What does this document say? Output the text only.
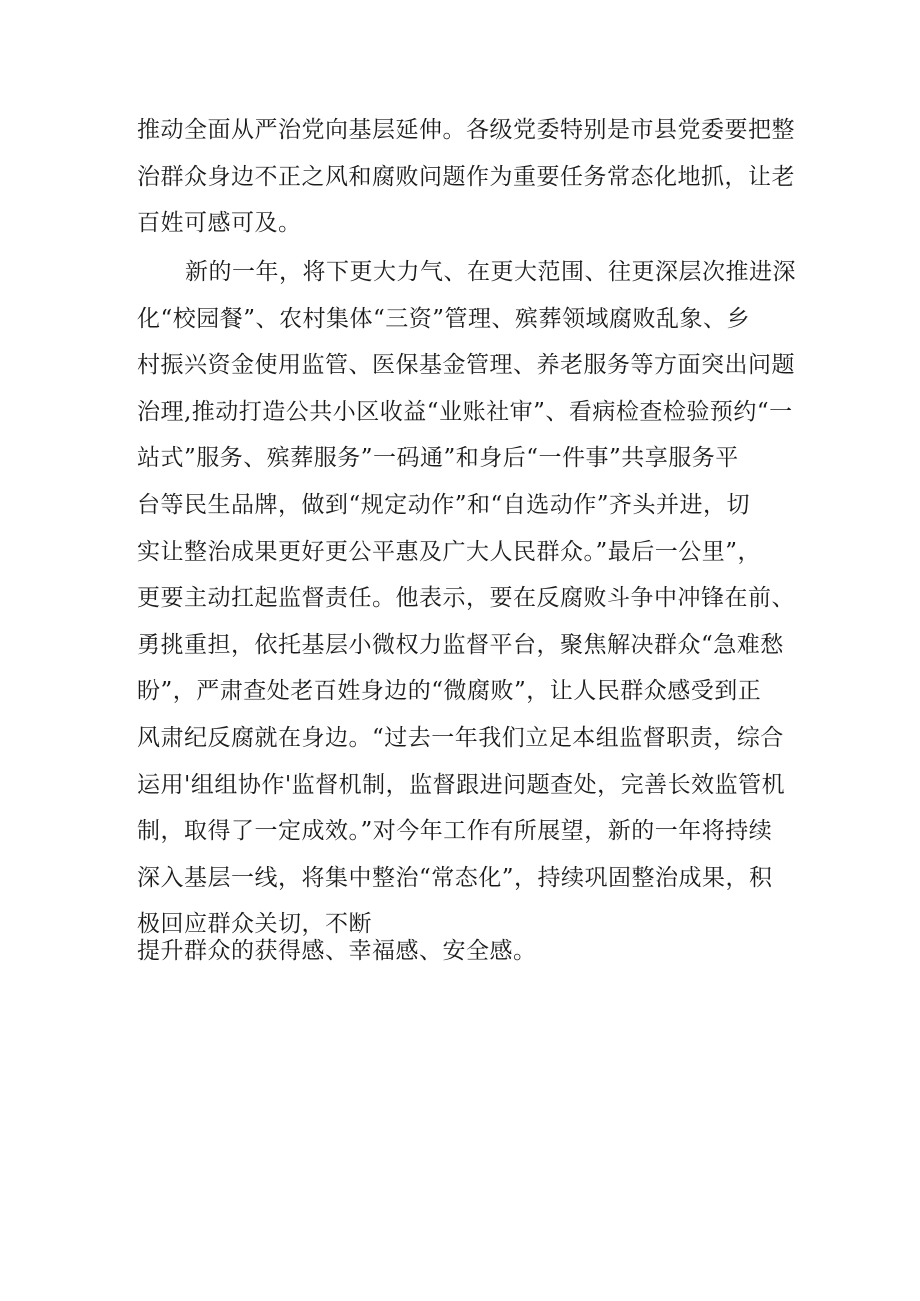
推动全面从严治党向基层延伸。各级党委特别是市县党委要把整
治群众身边不正之风和腐败问题作为重要任务常态化地抓，让老
百姓可感可及。
新的一年，将下更大力气、在更大范围、往更深层次推进深
化“校园餐”、农村集体“三资”管理、殡葬领域腐败乱象、乡
村振兴资金使用监管、医保基金管理、养老服务等方面突出问题
治理,推动打造公共小区收益“业账社审”、看病检查检验预约“一
站式”服务、殡葬服务”一码通”和身后“一件事”共享服务平
台等民生品牌，做到“规定动作”和“自选动作”齐头并进，切
实让整治成果更好更公平惠及广大人民群众。”最后一公里”，
更要主动扛起监督责任。他表示，要在反腐败斗争中冲锋在前、
勇挑重担，依托基层小微权力监督平台，聚焦解决群众“急难愁
盼”，严肃查处老百姓身边的“微腐败”，让人民群众感受到正
风肃纪反腐就在身边。“过去一年我们立足本组监督职责，综合
运用'组组协作'监督机制，监督跟进问题查处，完善长效监管机
制，取得了一定成效。”对今年工作有所展望，新的一年将持续
深入基层一线，将集中整治“常态化”，持续巩固整治成果，积
极回应群众关切，不断
提升群众的获得感、幸福感、安全感。
